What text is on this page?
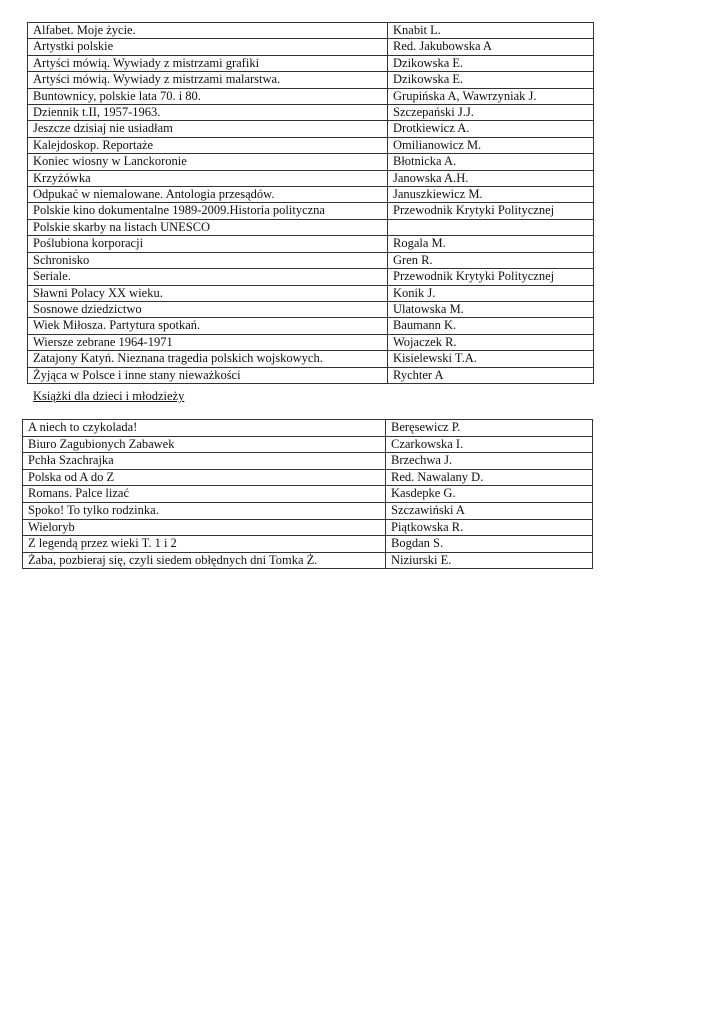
Alfabet. Moje życie.	Knabit L.
Artystki polskie	Red. Jakubowska A
Artyści mówią. Wywiady z mistrzami grafiki	Dzikowska E.
Artyści mówią. Wywiady z mistrzami malarstwa.	Dzikowska E.
Buntownicy, polskie lata 70. i 80.	Grupińska A, Wawrzyniak J.
Dziennik t.II, 1957-1963.	Szczepański J.J.
Jeszcze dzisiaj nie usiadłam	Drotkiewicz A.
Kalejdoskop. Reportaże	Omilianowicz M.
Koniec wiosny w Lanckoronie	Błotnicka A.
Krzyżówka	Janowska A.H.
Odpukać w niemalowane. Antologia przesądów.	Januszkiewicz M.
Polskie kino dokumentalne 1989-2009.Historia polityczna	Przewodnik Krytyki Politycznej
Polskie skarby na listach UNESCO	
Poślubiona korporacji	Rogala M.
Schronisko	Gren R.
Seriale.	Przewodnik Krytyki Politycznej
Sławni Polacy XX wieku.	Konik J.
Sosnowe dziedzictwo	Ulatowska M.
Wiek Miłosza. Partytura spotkań.	Baumann K.
Wiersze zebrane 1964-1971	Wojaczek R.
Zatajony Katyń. Nieznana tragedia polskich wojskowych.	Kisielewski T.A.
Żyjąca w Polsce i inne stany nieważkości	Rychter A
Książki dla dzieci i młodzieży
A niech to czykolada!	Beręsewicz P.
Biuro Zagubionych Zabawek	Czarkowska I.
Pchła Szachrajka	Brzechwa J.
Polska od A do Z	Red. Nawalany D.
Romans. Palce lizać	Kasdepke G.
Spoko! To tylko rodzinka.	Szczawiński A
Wieloryb	Piątkowska R.
Z legendą przez wieki T. 1 i 2	Bogdan S.
Żaba, pozbieraj się, czyli siedem obłędnych dni Tomka Ż.	Niziurski E.
